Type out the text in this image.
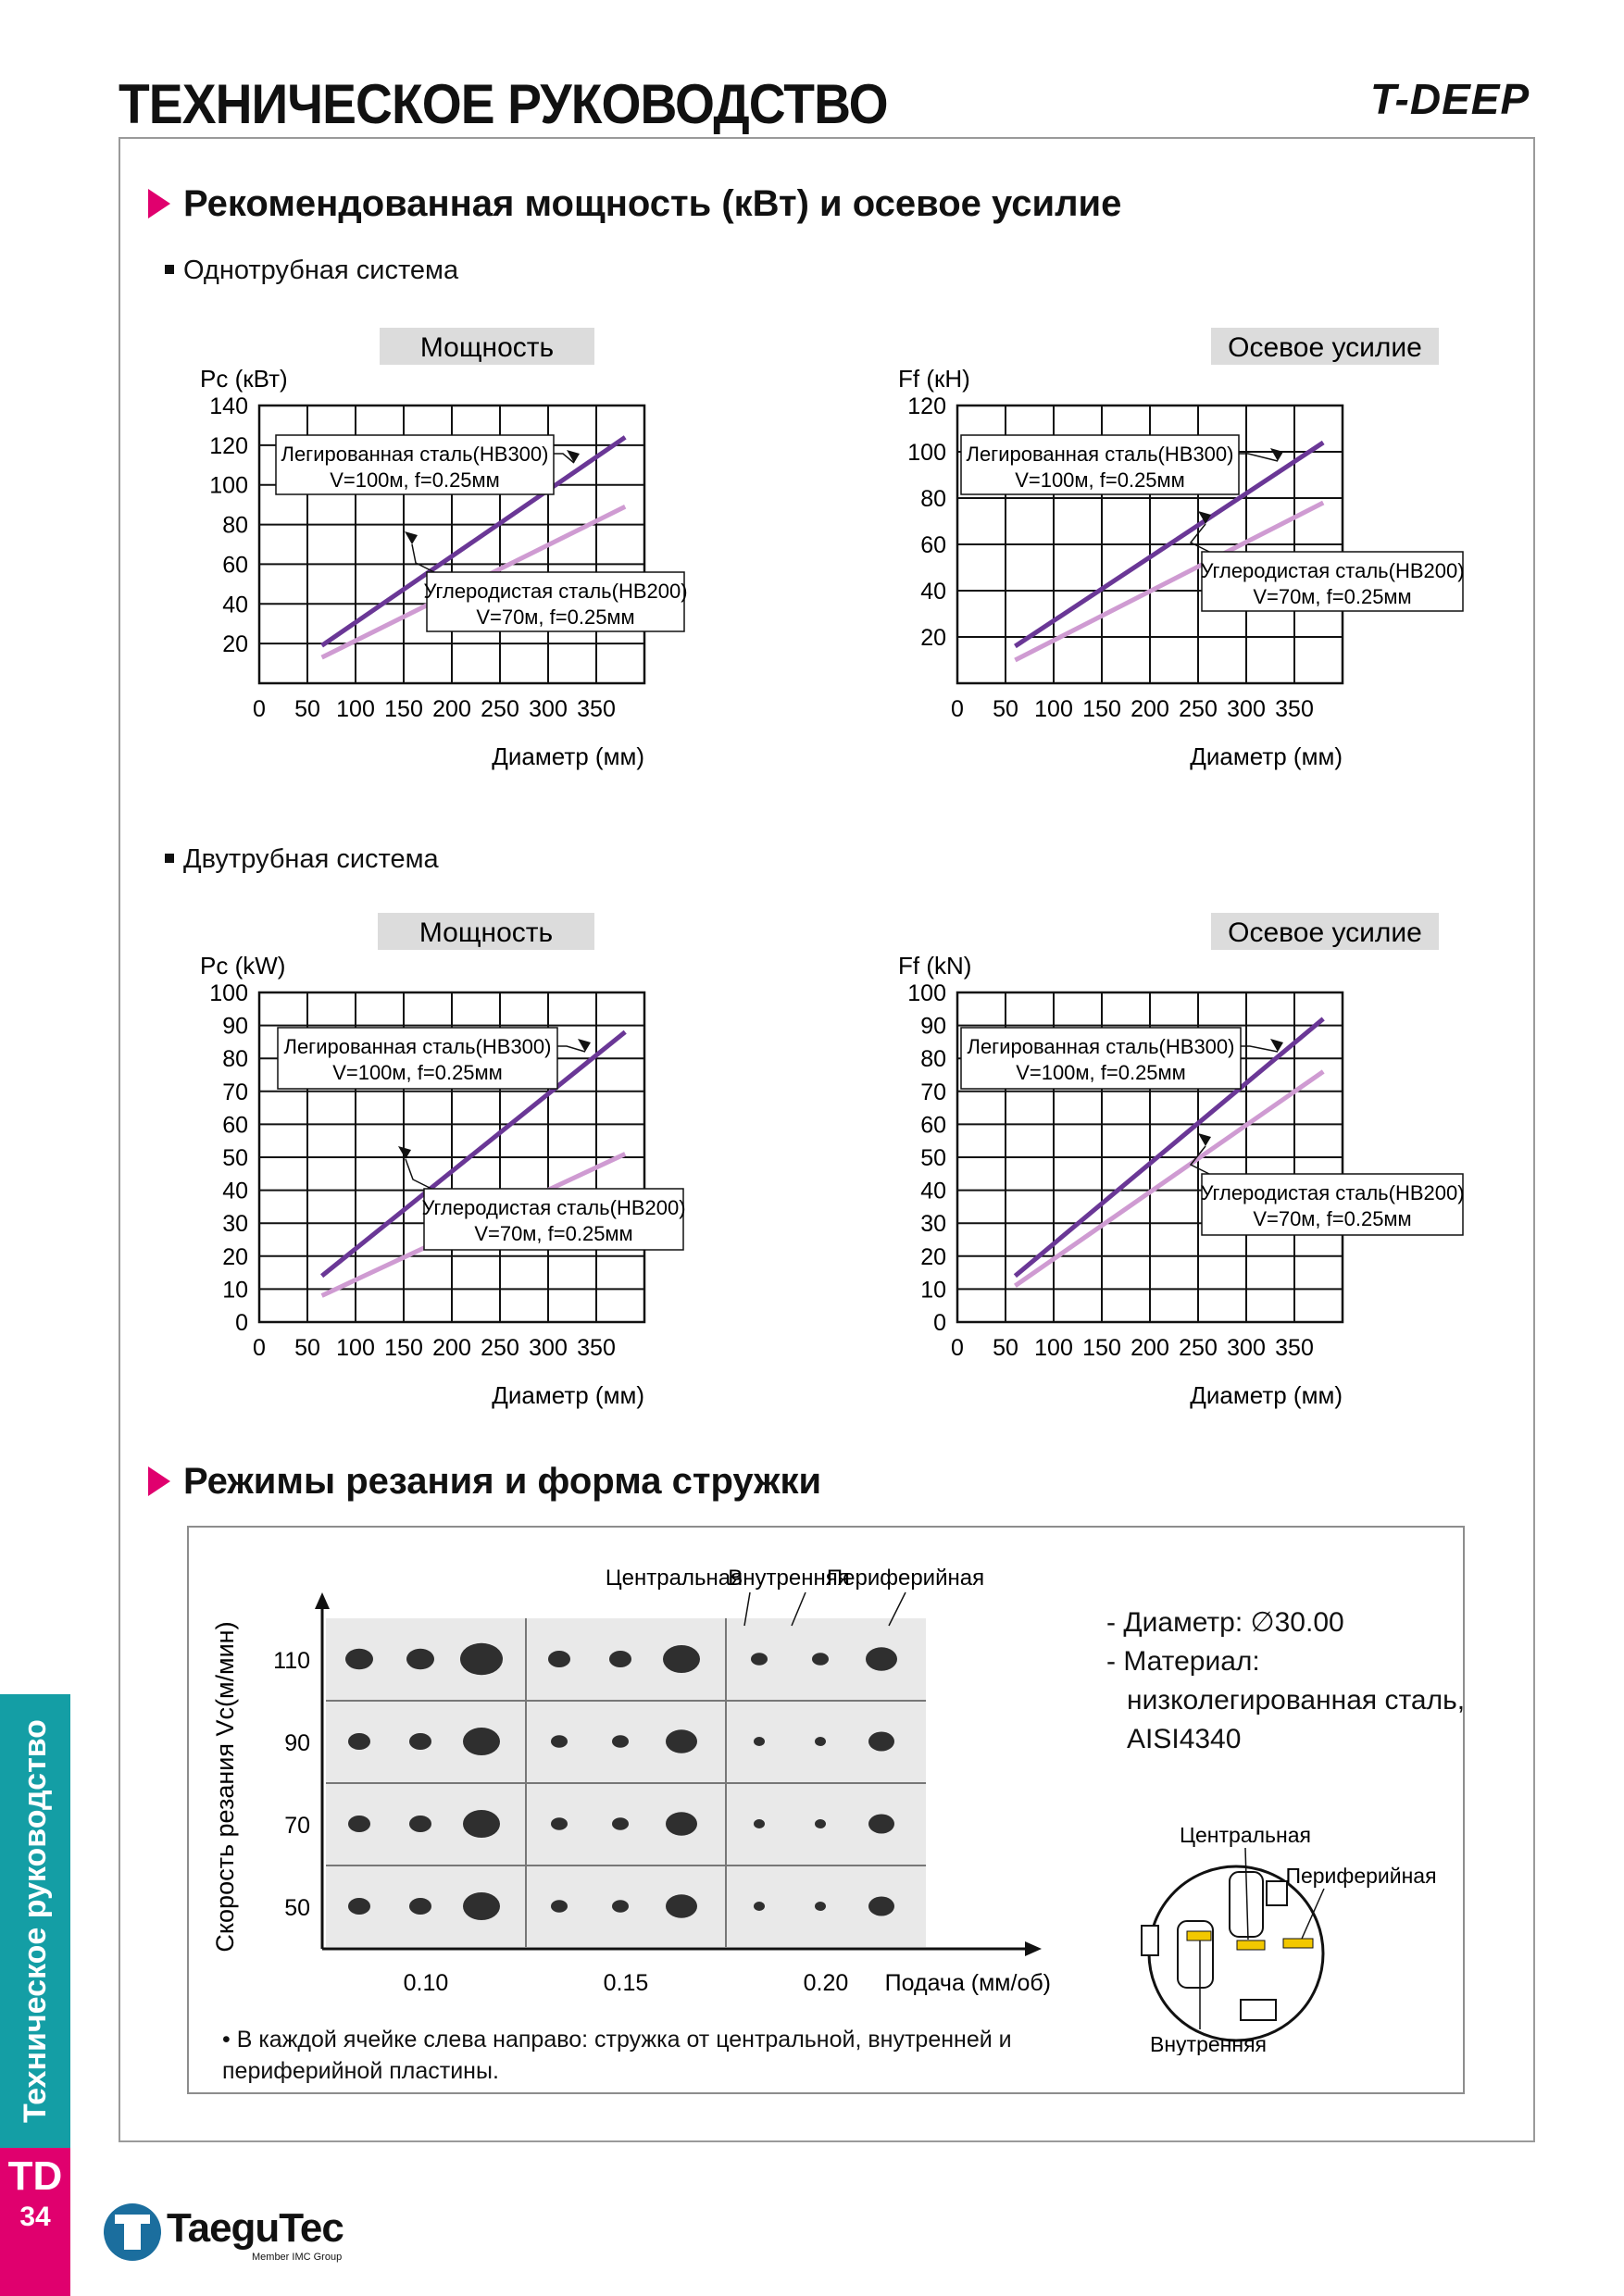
ТЕХНИЧЕСКОЕ РУКОВОДСТВО	T-DEEP
Рекомендованная мощность (кВт) и осевое усилие
Однотрубная система
Двутрубная система
Мощность
Pc (кВт)
20
40
60
80
100
120
140
0 50 100 150 200 250 300 350
Диаметр (мм)
Легированная сталь(HB300)
V=100м, f=0.25мм
Углеродистая сталь(HB200)
V=70м, f=0.25мм
Осевое усилие
Ff (кН)
20
40
60
80
100
120
0 50 100 150 200 250 300 350
Диаметр (мм)
Легированная сталь(HB300)
V=100м, f=0.25мм
Углеродистая сталь(HB200)
V=70м, f=0.25мм
Мощность
Pc (kW)
0
10
20
30
40
50
60
70
80
90
100
0 50 100 150 200 250 300 350
Диаметр (мм)
Легированная сталь(HB300)
V=100м, f=0.25мм
Углеродистая сталь(HB200)
V=70м, f=0.25мм
Осевое усилие
Ff (kN)
0
10
20
30
40
50
60
70
80
90
100
0 50 100 150 200 250 300 350
Диаметр (мм)
Легированная сталь(HB300)
V=100м, f=0.25мм
Углеродистая сталь(HB200)
V=70м, f=0.25мм
Режимы резания и форма стружки
Центральная
Внутренняя
Периферийная
110
90
70
50
0.10	0.15	0.20 Подача (мм/об)
Скорость резания Vc(м/мин)	- Диаметр: ∅30.00
- Материал:
низколегированная сталь,
AISI4340
Центральная
Периферийная
Внутренняя
• В каждой ячейке слева направо: стружка от центральной, внутренней и периферийной пластины.
Техническое руководство
TD
34	TaeguTec
Member IMC Group
